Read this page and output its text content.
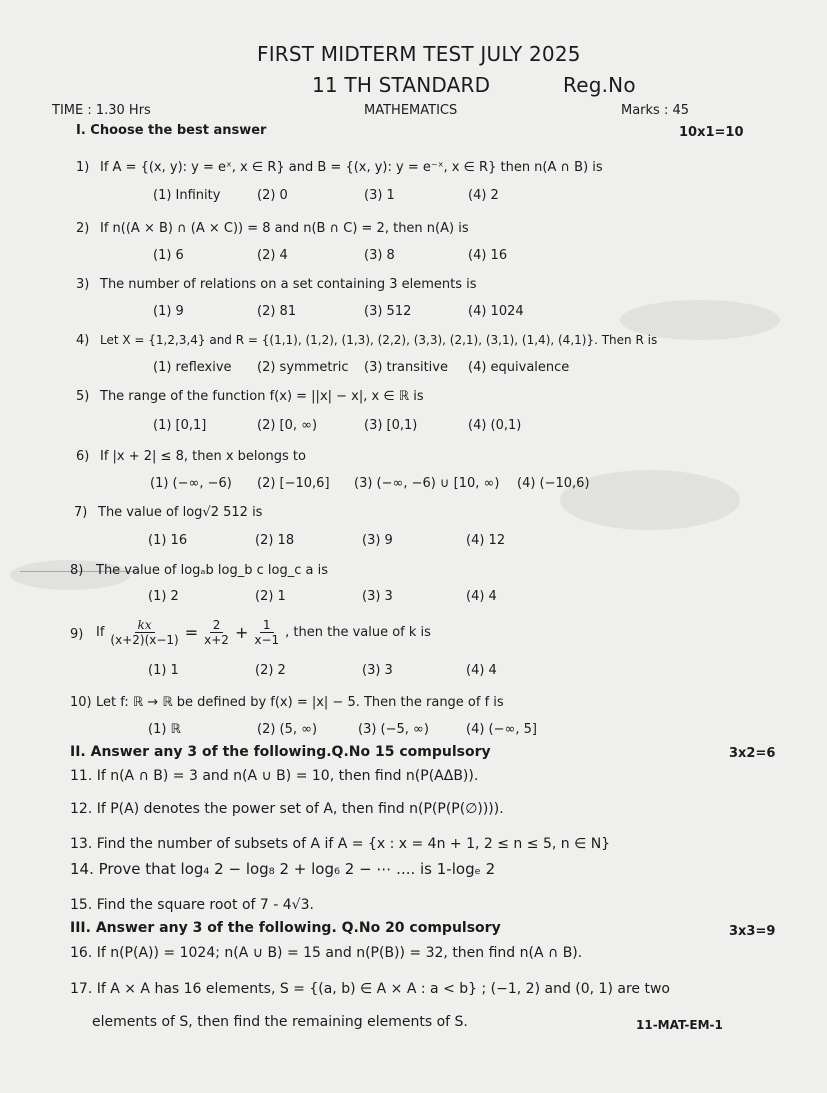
FIRST MIDTERM TEST JULY 2025
11 TH STANDARD	Reg.No
TIME : 1.30 Hrs	MATHEMATICS	Marks : 45
I. Choose the best answer	10x1=10
1) If A = {(x, y): y = eˣ, x ∈ R} and B = {(x, y): y = e⁻ˣ, x ∈ R} then n(A ∩ B) is
(1) Infinity	(2) 0	(3) 1	(4) 2
2) If n((A × B) ∩ (A × C)) = 8 and n(B ∩ C) = 2, then n(A) is
(1) 6	(2) 4	(3) 8	(4) 16
3) The number of relations on a set containing 3 elements is
(1) 9	(2) 81	(3) 512	(4) 1024
4) Let X = {1,2,3,4} and R = {(1,1), (1,2), (1,3), (2,2), (3,3), (2,1), (3,1), (1,4), (4,1)}. Then R is
(1) reflexive (2) symmetric (3) transitive (4) equivalence
5) The range of the function f(x) = ||x| − x|, x ∈ ℝ is
(1) [0,1]	(2) [0, ∞)	(3) [0,1)	(4) (0,1)
6) If |x + 2| ≤ 8, then x belongs to
(1) (−∞, −6) (2) [−10,6] (3) (−∞, −6) ∪ [10, ∞) (4) (−10,6)
7) The value of log√2 512 is
(1) 16	(2) 18	(3) 9	(4) 12
8) The value of logₐb log_b c log_c a is
(1) 2	(2) 1	(3) 3	(4) 4
9) If $\frac{kx}{(x+2)(x-1)} = \frac{2}{x+2} + \frac{1}{x-1}$ , then the value of k is
(1) 1	(2) 2	(3) 3	(4) 4
10) Let f: ℝ → ℝ be defined by f(x) = |x| − 5. Then the range of f is
(1) ℝ	(2) (5, ∞)	(3) (−5, ∞)	(4) (−∞, 5]
II. Answer any 3 of the following.Q.No 15 compulsory	3x2=6
11. If n(A ∩ B) = 3 and n(A ∪ B) = 10, then find n(P(AΔB)).
12. If P(A) denotes the power set of A, then find n(P(P(P(∅)))).
13. Find the number of subsets of A if A = {x : x = 4n + 1, 2 ≤ n ≤ 5, n ∈ N}
14. Prove that log₄ 2 − log₈ 2 + log₆ 2 − ⋯ .... is 1-logₑ 2
15. Find the square root of 7 - 4√3.
III. Answer any 3 of the following. Q.No 20 compulsory	3x3=9
16. If n(P(A)) = 1024; n(A ∪ B) = 15 and n(P(B)) = 32, then find n(A ∩ B).
17. If A × A has 16 elements, S = {(a, b) ∈ A × A : a < b} ; (−1, 2) and (0, 1) are two
elements of S, then find the remaining elements of S.	11-MAT-EM-1
